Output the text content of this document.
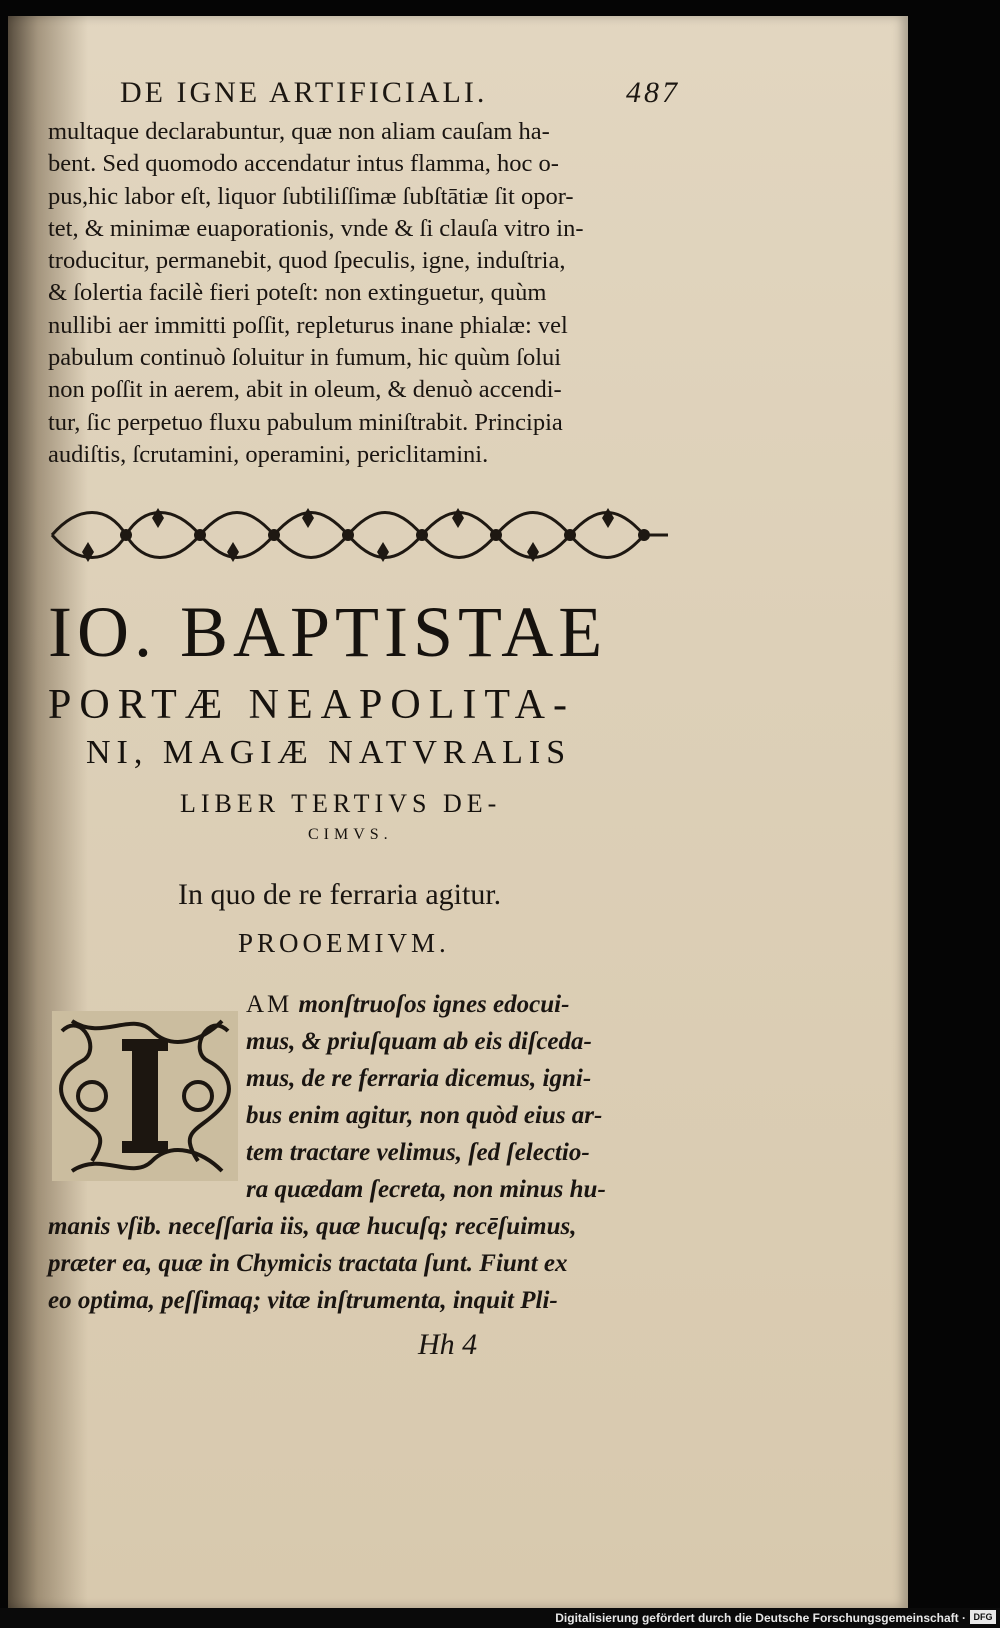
DE IGNE ARTIFICIALI.	487
multaque declarabuntur, quæ non aliam cauſam ha-
bent. Sed quomodo accendatur intus flamma, hoc o-
pus,hic labor eſt, liquor ſubtiliſſimæ ſubſtātiæ ſit opor-
tet, & minimæ euaporationis, vnde & ſi clauſa vitro in-
troducitur, permanebit, quod ſpeculis, igne, induſtria,
& ſolertia facilè fieri poteſt: non extinguetur, quùm
nullibi aer immitti poſſit, repleturus inane phialæ: vel
pabulum continuò ſoluitur in fumum, hic quùm ſolui
non poſſit in aerem, abit in oleum, & denuò accendi-
tur, ſic perpetuo fluxu pabulum miniſtrabit. Principia
audiſtis, ſcrutamini, operamini, periclitamini.
IO. BAPTISTAE
PORTÆ NEAPOLITA-
NI, MAGIÆ NATVRALIS
LIBER TERTIVS DE-
CIMVS.
In quo de re ferraria agitur.
PROOEMIVM.
AM monſtruoſos ignes edocui-
mus, & priuſquam ab eis diſceda-
mus, de re ferraria dicemus, igni-
bus enim agitur, non quòd eius ar-
tem tractare velimus, ſed ſelectio-
ra quædam ſecreta, non minus hu-
manis vſib. neceſſaria iis, quæ hucuſq; recēſuimus,
præter ea, quæ in Chymicis tractata ſunt. Fiunt ex
eo optima, peſſimaq; vitæ inſtrumenta, inquit Pli-
Hh 4
Digitalisierung gefördert durch die Deutsche Forschungsgemeinschaft · DFG
